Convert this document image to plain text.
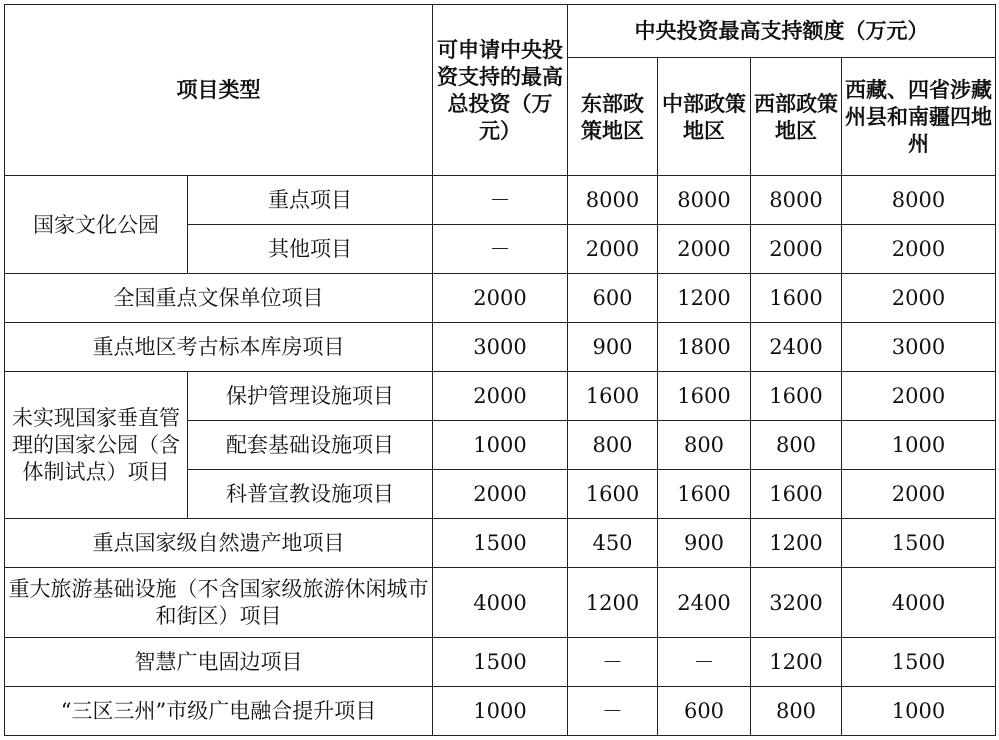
项目类型		可申请中央投资支持的最高总投资（万元）	中央投资最高支持额度（万元）			
			东部政策地区	中部政策地区	西部政策地区	西藏、四省涉藏州县和南疆四地州
国家文化公园	重点项目	－	8000	8000	8000	8000
	其他项目	－	2000	2000	2000	2000
全国重点文保单位项目		2000	600	1200	1600	2000
重点地区考古标本库房项目		3000	900	1800	2400	3000
未实现国家垂直管理的国家公园（含体制试点）项目	保护管理设施项目	2000	1600	1600	1600	2000
	配套基础设施项目	1000	800	800	800	1000
	科普宣教设施项目	2000	1600	1600	1600	2000
重点国家级自然遗产地项目		1500	450	900	1200	1500
重大旅游基础设施（不含国家级旅游休闲城市和街区）项目		4000	1200	2400	3200	4000
智慧广电固边项目		1500	－	－	1200	1500
“三区三州”市级广电融合提升项目		1000	－	600	800	1000
